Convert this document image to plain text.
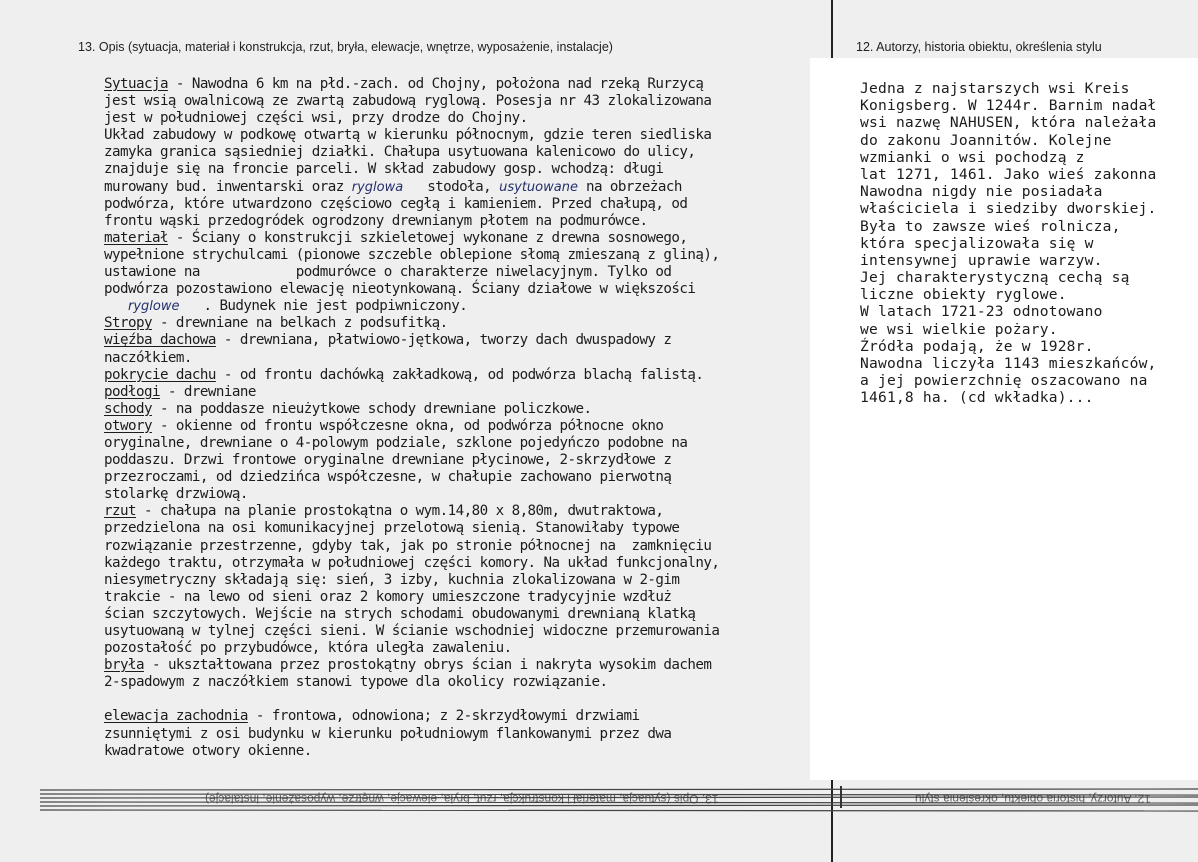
13. Opis (sytuacja, materiał i konstrukcja, rzut, bryła, elewacje, wnętrze, wyposażenie, instalacje)	12. Autorzy, historia obiektu, określenia stylu
Sytuacja - Nawodna 6 km na płd.-zach. od Chojny, położona nad rzeką Rurzycą
jest wsią owalnicową ze zwartą zabudową ryglową. Posesja nr 43 zlokalizowana
jest w południowej części wsi, przy drodze do Chojny.
Układ zabudowy w podkowę otwartą w kierunku północnym, gdzie teren siedliska
zamyka granica sąsiedniej działki. Chałupa usytuowana kalenicowo do ulicy,
znajduje się na froncie parceli. W skład zabudowy gosp. wchodzą: długi
murowany bud. inwentarski oraz ryglowa   stodoła, usytuowane na obrzeżach
podwórza, które utwardzono częściowo cegłą i kamieniem. Przed chałupą, od
frontu wąski przedogródek ogrodzony drewnianym płotem na podmurówce.
materiał - Ściany o konstrukcji szkieletowej wykonane z drewna sosnowego,
wypełnione strychulcami (pionowe szczeble oblepione słomą zmieszaną z gliną),
ustawione na            podmurówce o charakterze niwelacyjnym. Tylko od
podwórza pozostawiono elewację nieotynkowaną. Ściany działowe w większości
ryglowe   . Budynek nie jest podpiwniczony.
Stropy - drewniane na belkach z podsufitką.
więźba dachowa - drewniana, płatwiowo-jętkowa, tworzy dach dwuspadowy z
naczółkiem.
pokrycie dachu - od frontu dachówką zakładkową, od podwórza blachą falistą.
podłogi - drewniane
schody - na poddasze nieużytkowe schody drewniane policzkowe.
otwory - okienne od frontu współczesne okna, od podwórza północne okno
oryginalne, drewniane o 4-polowym podziale, szklone pojedyńczo podobne na
poddaszu. Drzwi frontowe oryginalne drewniane płycinowe, 2-skrzydłowe z
przezroczami, od dziedzińca współczesne, w chałupie zachowano pierwotną
stolarkę drzwiową.
rzut - chałupa na planie prostokątna o wym.14,80 x 8,80m, dwutraktowa,
przedzielona na osi komunikacyjnej przelotową sienią. Stanowiłaby typowe
rozwiązanie przestrzenne, gdyby tak, jak po stronie północnej na  zamknięciu
każdego traktu, otrzymała w południowej części komory. Na układ funkcjonalny,
niesymetryczny składają się: sień, 3 izby, kuchnia zlokalizowana w 2-gim
trakcie - na lewo od sieni oraz 2 komory umieszczone tradycyjnie wzdłuż
ścian szczytowych. Wejście na strych schodami obudowanymi drewnianą klatką
usytuowaną w tylnej części sieni. W ścianie wschodniej widoczne przemurowania
pozostałość po przybudówce, która uległa zawaleniu.
bryła - ukształtowana przez prostokątny obrys ścian i nakryta wysokim dachem
2-spadowym z naczółkiem stanowi typowe dla okolicy rozwiązanie.
elewacja zachodnia - frontowa, odnowiona; z 2-skrzydłowymi drzwiami
zsunniętymi z osi budynku w kierunku południowym flankowanymi przez dwa
kwadratowe otwory okienne.
Jedna z najstarszych wsi Kreis
Konigsberg. W 1244r. Barnim nadał
wsi nazwę NAHUSEN, która należała
do zakonu Joannitów. Kolejne
wzmianki o wsi pochodzą z
lat 1271, 1461. Jako wieś zakonna
Nawodna nigdy nie posiadała
właściciela i siedziby dworskiej.
Była to zawsze wieś rolnicza,
która specjalizowała się w
intensywnej uprawie warzyw.
Jej charakterystyczną cechą są
liczne obiekty ryglowe.
W latach 1721-23 odnotowano
we wsi wielkie pożary.
Źródła podają, że w 1928r.
Nawodna liczyła 1143 mieszkańców,
a jej powierzchnię oszacowano na
1461,8 ha. (cd wkładka)...
13. Opis (sytuacja, materiał i konstrukcja, rzut, bryła, elewacje, wnętrze, wyposażenie, instalacje)	12. Autorzy, historia obiektu, określenia stylu
